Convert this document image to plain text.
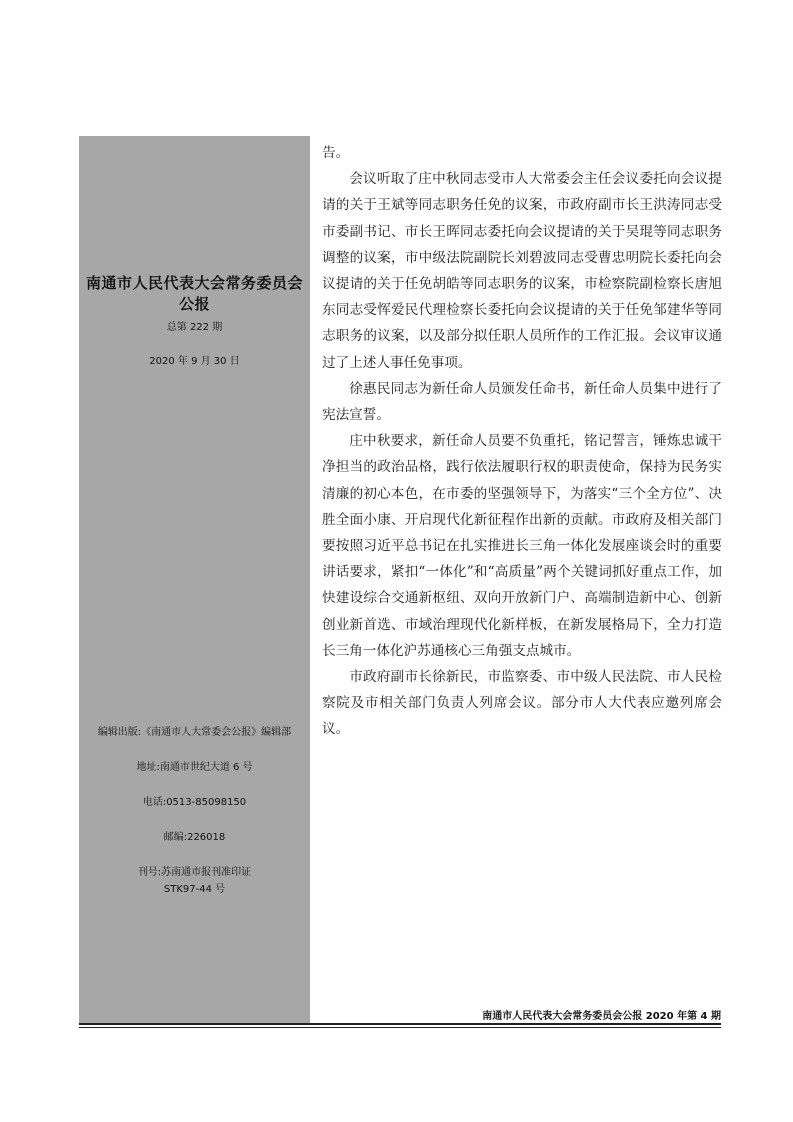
南通市人民代表大会常务委员会公报
总第 222 期
2020 年 9 月 30 日
编辑出版:《南通市人大常委会公报》编辑部
地址:南通市世纪大道 6 号
电话:0513-85098150
邮编:226018
刊号:苏南通市报刊准印证
STK97-44 号

告。

会议听取了庄中秋同志受市人大常委会主任会议委托向会议提请的关于王斌等同志职务任免的议案，市政府副市长王洪涛同志受市委副书记、市长王晖同志委托向会议提请的关于吴琨等同志职务调整的议案，市中级法院副院长刘碧波同志受曹忠明院长委托向会议提请的关于任免胡皓等同志职务的议案，市检察院副检察长唐旭东同志受恽爱民代理检察长委托向会议提请的关于任免邹建华等同志职务的议案，以及部分拟任职人员所作的工作汇报。会议审议通过了上述人事任免事项。

徐惠民同志为新任命人员颁发任命书，新任命人员集中进行了宪法宣誓。

庄中秋要求，新任命人员要不负重托，铭记誓言，锤炼忠诚干净担当的政治品格，践行依法履职行权的职责使命，保持为民务实清廉的初心本色，在市委的坚强领导下，为落实“三个全方位”、决胜全面小康、开启现代化新征程作出新的贡献。市政府及相关部门要按照习近平总书记在扎实推进长三角一体化发展座谈会时的重要讲话要求，紧扣“一体化”和“高质量”两个关键词抓好重点工作，加快建设综合交通新枢纽、双向开放新门户、高端制造新中心、创新创业新首选、市域治理现代化新样板，在新发展格局下，全力打造长三角一体化沪苏通核心三角强支点城市。

市政府副市长徐新民，市监察委、市中级人民法院、市人民检察院及市相关部门负责人列席会议。部分市人大代表应邀列席会议。

南通市人民代表大会常务委员会公报 2020 年第 4 期
